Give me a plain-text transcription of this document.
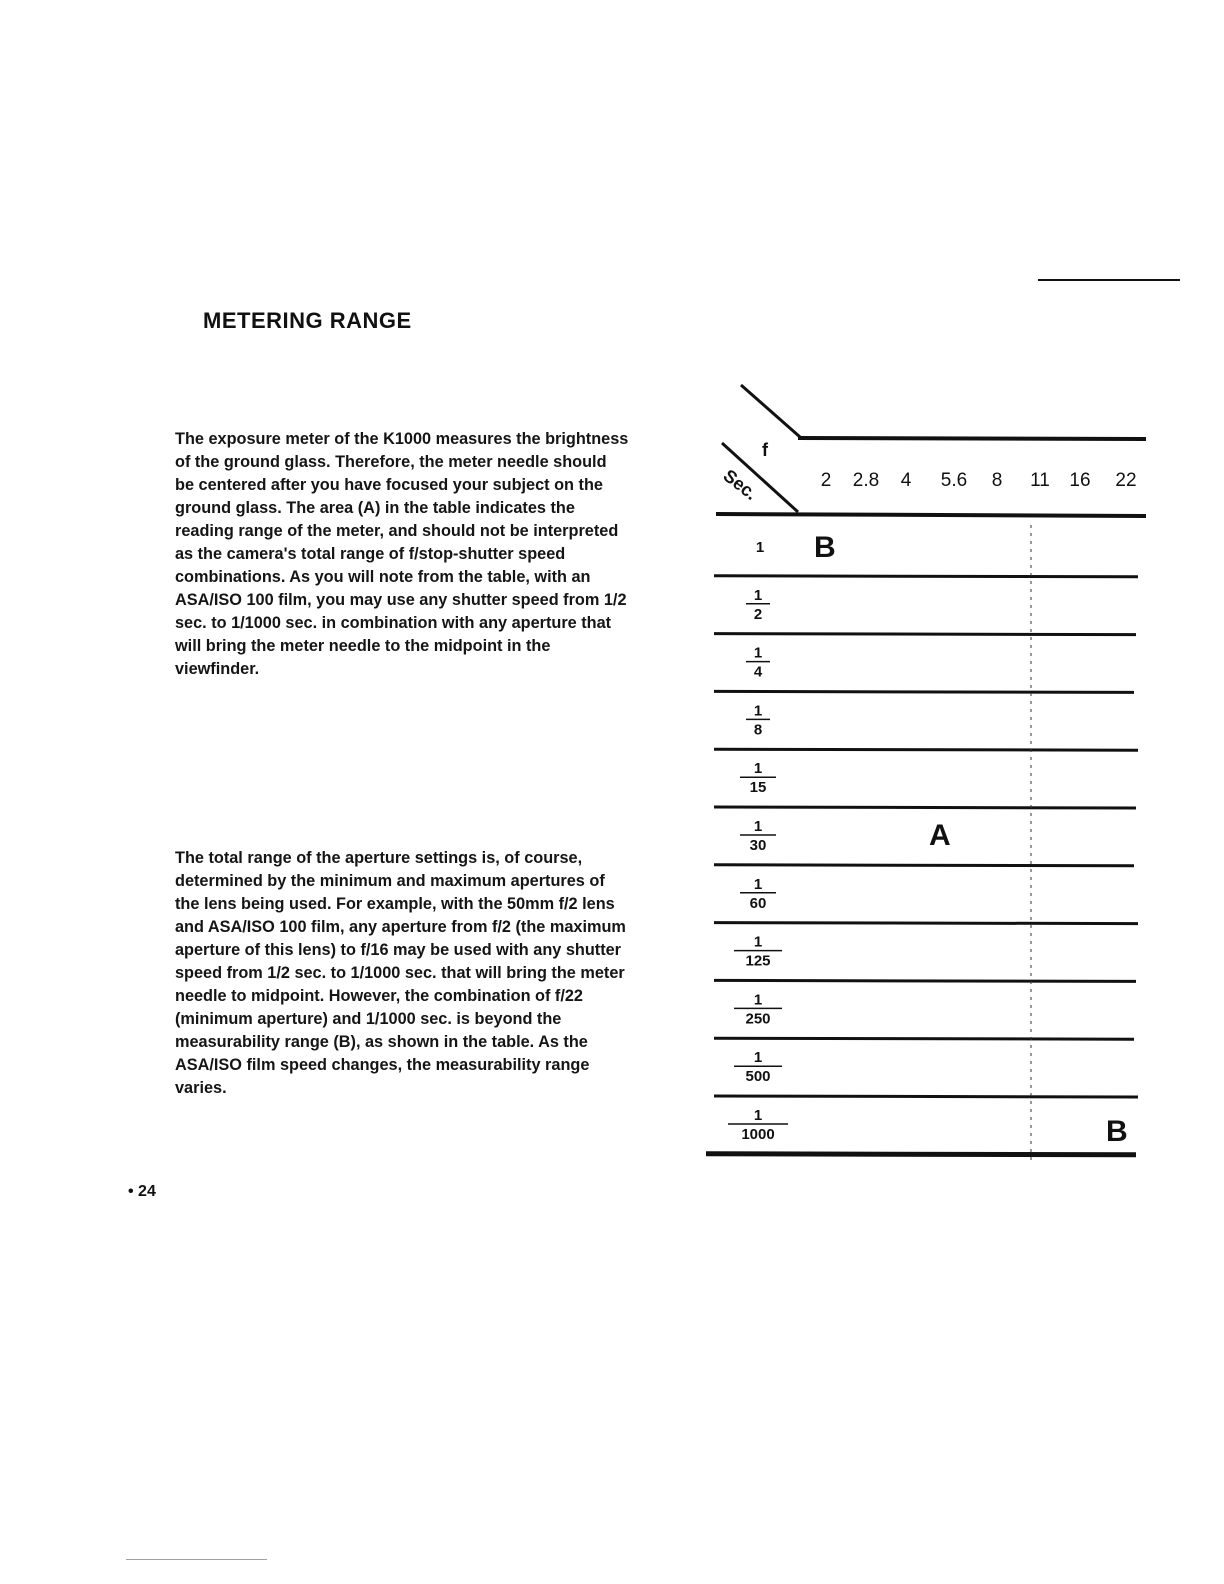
METERING RANGE
The exposure meter of the K1000 measures the brightness of the ground glass. Therefore, the meter needle should be centered after you have focused your subject on the ground glass. The area (A) in the table indicates the reading range of the meter, and should not be interpreted as the camera's total range of f/stop-shutter speed combinations. As you will note from the table, with an ASA/ISO 100 film, you may use any shutter speed from 1/2 sec. to 1/1000 sec. in combination with any aperture that will bring the meter needle to the midpoint in the viewfinder.
The total range of the aperture settings is, of course, determined by the minimum and maximum apertures of the lens being used. For example, with the 50mm f/2 lens and ASA/ISO 100 film, any aperture from f/2 (the maximum aperture of this lens) to f/16 may be used with any shutter speed from 1/2 sec. to 1/1000 sec. that will bring the meter needle to midpoint. However, the combination of f/22 (minimum aperture) and 1/1000 sec. is beyond the measurability range (B), as shown in the table. As the ASA/ISO film speed changes, the measurability range varies.
• 24
f
Sec.	2 2.8 4 5.6 8 11 16 22
1
1
2
1
4
1
8
1
15
1
30
1
60
1
125
1
250
1
500
1
1000
A
B
B
